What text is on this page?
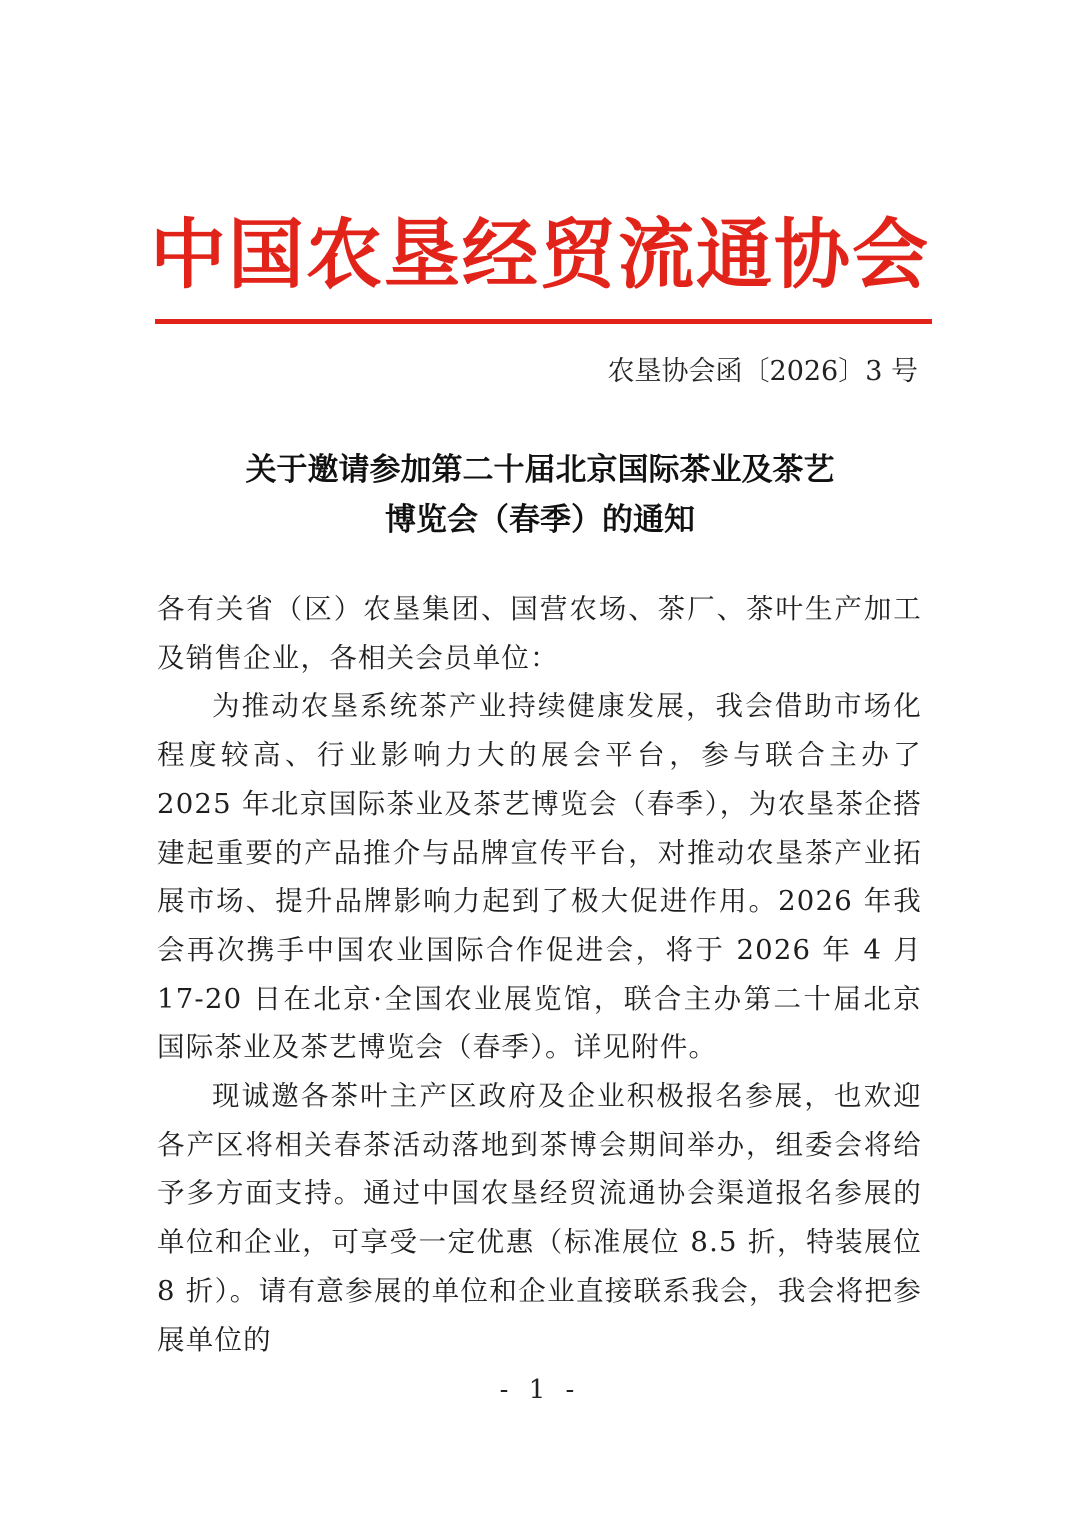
中国农垦经贸流通协会
农垦协会函〔2026〕3 号
关于邀请参加第二十届北京国际茶业及茶艺
博览会（春季）的通知

各有关省（区）农垦集团、国营农场、茶厂、茶叶生产加工及销售企业，各相关会员单位：

为推动农垦系统茶产业持续健康发展，我会借助市场化程度较高、行业影响力大的展会平台，参与联合主办了 2025 年北京国际茶业及茶艺博览会（春季），为农垦茶企搭建起重要的产品推介与品牌宣传平台，对推动农垦茶产业拓展市场、提升品牌影响力起到了极大促进作用。2026 年我会再次携手中国农业国际合作促进会，将于 2026 年 4 月 17-20 日在北京·全国农业展览馆，联合主办第二十届北京国际茶业及茶艺博览会（春季）。详见附件。

现诚邀各茶叶主产区政府及企业积极报名参展，也欢迎各产区将相关春茶活动落地到茶博会期间举办，组委会将给予多方面支持。通过中国农垦经贸流通协会渠道报名参展的单位和企业，可享受一定优惠（标准展位 8.5 折，特装展位 8 折）。请有意参展的单位和企业直接联系我会，我会将把参展单位的

- 1 -
